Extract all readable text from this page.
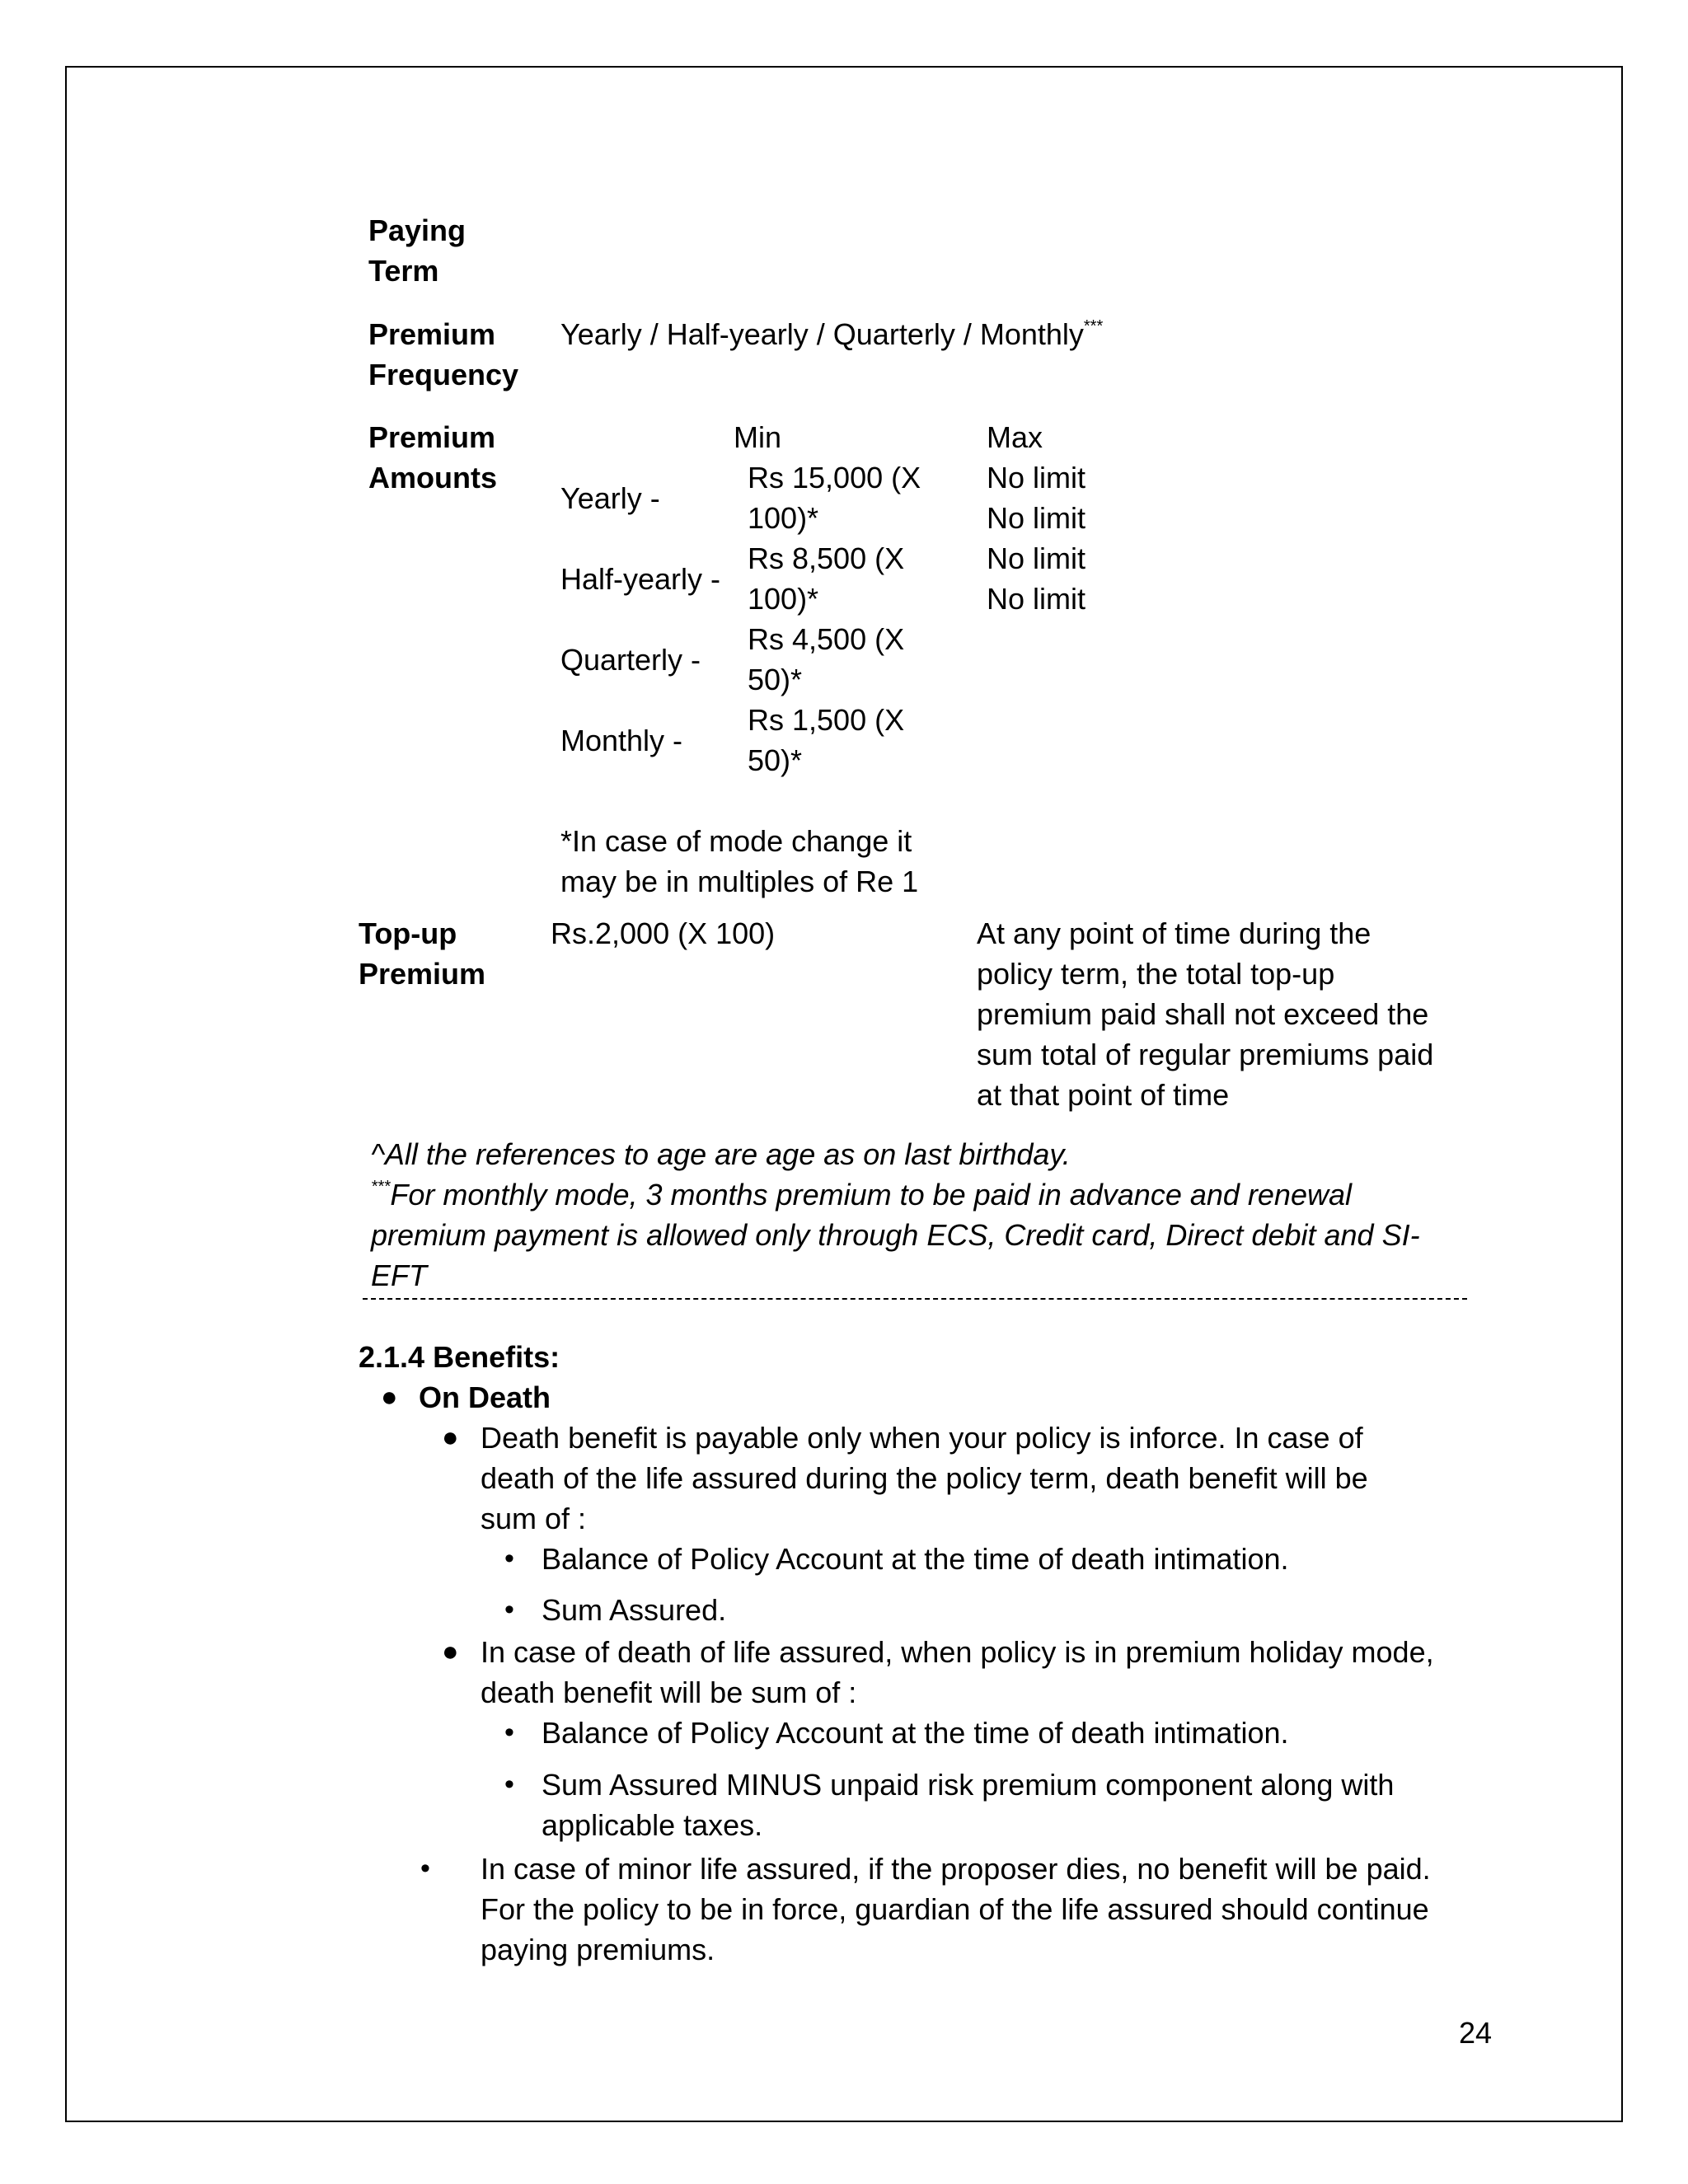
Paying
Term
Premium
Frequency
Yearly / Half-yearly / Quarterly / Monthly***
Premium
Amounts
Min	Max
Yearly -
Rs 15,000 (X
100)*
Half-yearly -
Rs 8,500 (X
100)*
Quarterly -
Rs 4,500 (X
50)*
Monthly -
Rs 1,500 (X
50)*
No limit
No limit
No limit
No limit
*In case of mode change it
may be in multiples of Re 1
Top-up
Premium
Rs.2,000 (X 100)	At any point of time during the
policy term, the total top-up
premium paid shall not exceed the
sum total of regular premiums paid
at that point of time
^All the references to age are age as on last birthday.
***For monthly mode, 3 months premium to be paid in advance and renewal
premium payment is allowed only through ECS, Credit card, Direct debit and SI-
EFT
2.1.4 Benefits:
● On Death
● Death benefit is payable only when your policy is inforce. In case of
death of the life assured during the policy term, death benefit will be
sum of :
• Balance of Policy Account at the time of death intimation.
• Sum Assured.
● In case of death of life assured, when policy is in premium holiday mode,
death benefit will be sum of :
• Balance of Policy Account at the time of death intimation.
• Sum Assured MINUS unpaid risk premium component along with
applicable taxes.
• In case of minor life assured, if the proposer dies, no benefit will be paid.
For the policy to be in force, guardian of the life assured should continue
paying premiums.
24
